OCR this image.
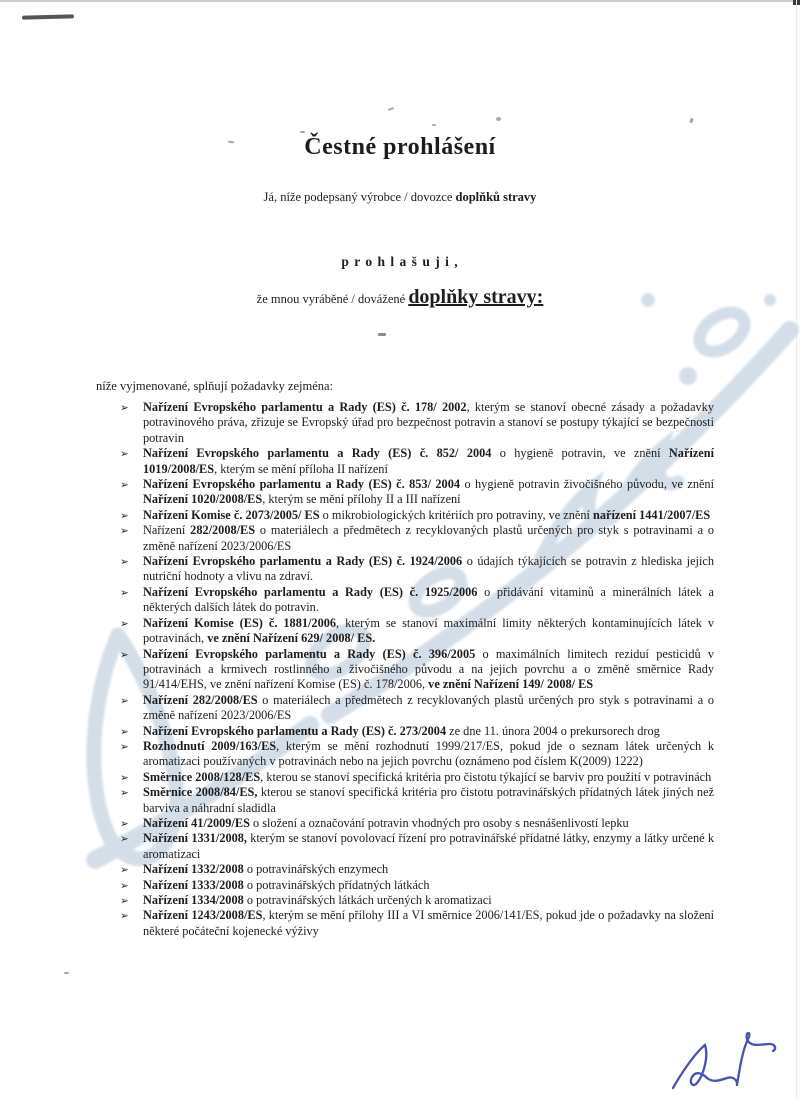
Čestné prohlášení
Já, níže podepsaný výrobce / dovozce doplňků stravy
p r o h l a š u j i ,
že mnou vyráběné / dovážené doplňky stravy:
níže vyjmenované, splňují požadavky zejména:
➢ Nařízení Evropského parlamentu a Rady (ES) č. 178/ 2002, kterým se stanoví obecné zásady a požadavky potravinového práva, zřizuje se Evropský úřad pro bezpečnost potravin a stanoví se postupy týkající se bezpečnosti potravin
➢ Nařízení Evropského parlamentu a Rady (ES) č. 852/ 2004 o hygieně potravin, ve znění Nařízení 1019/2008/ES, kterým se mění příloha II nařízení
➢ Nařízení Evropského parlamentu a Rady (ES) č. 853/ 2004 o hygieně potravin živočišného původu, ve znění Nařízení 1020/2008/ES, kterým se mění přílohy II a III nařízení
➢ Nařízení Komise č. 2073/2005/ ES o mikrobiologických kritériích pro potraviny, ve znění nařízení 1441/2007/ES
➢ Nařízení 282/2008/ES o materiálech a předmětech z recyklovaných plastů určených pro styk s potravinami a o změně nařízení 2023/2006/ES
➢ Nařízení Evropského parlamentu a Rady (ES) č. 1924/2006 o údajích týkajících se potravin z hlediska jejich nutriční hodnoty a vlivu na zdraví.
➢ Nařízení Evropského parlamentu a Rady (ES) č. 1925/2006 o přidávání vitaminů a minerálních látek a některých dalších látek do potravin.
➢ Nařízení Komise (ES) č. 1881/2006, kterým se stanoví maximální limity některých kontaminujících látek v potravinách, ve znění Nařízení 629/ 2008/ ES.
➢ Nařízení Evropského parlamentu a Rady (ES) č. 396/2005 o maximálních limitech reziduí pesticidů v potravinách a krmivech rostlinného a živočišného původu a na jejich povrchu a o změně směrnice Rady 91/414/EHS, ve znění nařízení Komise (ES) č. 178/2006, ve znění Nařízení 149/ 2008/ ES
➢ Nařízení 282/2008/ES o materiálech a předmětech z recyklovaných plastů určených pro styk s potravinami a o změně nařízení 2023/2006/ES
➢ Nařízení Evropského parlamentu a Rady (ES) č. 273/2004 ze dne 11. února 2004 o prekursorech drog
➢ Rozhodnutí 2009/163/ES, kterým se mění rozhodnutí 1999/217/ES, pokud jde o seznam látek určených k aromatizaci používaných v potravinách nebo na jejich povrchu (oznámeno pod číslem K(2009) 1222)
➢ Směrnice 2008/128/ES, kterou se stanoví specifická kritéria pro čistotu týkající se barviv pro použití v potravinách
➢ Směrnice 2008/84/ES, kterou se stanoví specifická kritéria pro čistotu potravinářských přídatných látek jiných než barviva a náhradní sladidla
➢ Nařízení 41/2009/ES o složení a označování potravin vhodných pro osoby s nesnášenlivostí lepku
➢ Nařízení 1331/2008, kterým se stanoví povolovací řízení pro potravinářské přídatné látky, enzymy a látky určené k aromatizaci
➢ Nařízení 1332/2008 o potravinářských enzymech
➢ Nařízení 1333/2008 o potravinářských přídatných látkách
➢ Nařízení 1334/2008 o potravinářských látkách určených k aromatizaci
➢ Nařízení 1243/2008/ES, kterým se mění přílohy III a VI směrnice 2006/141/ES, pokud jde o požadavky na složení některé počáteční kojenecké výživy
